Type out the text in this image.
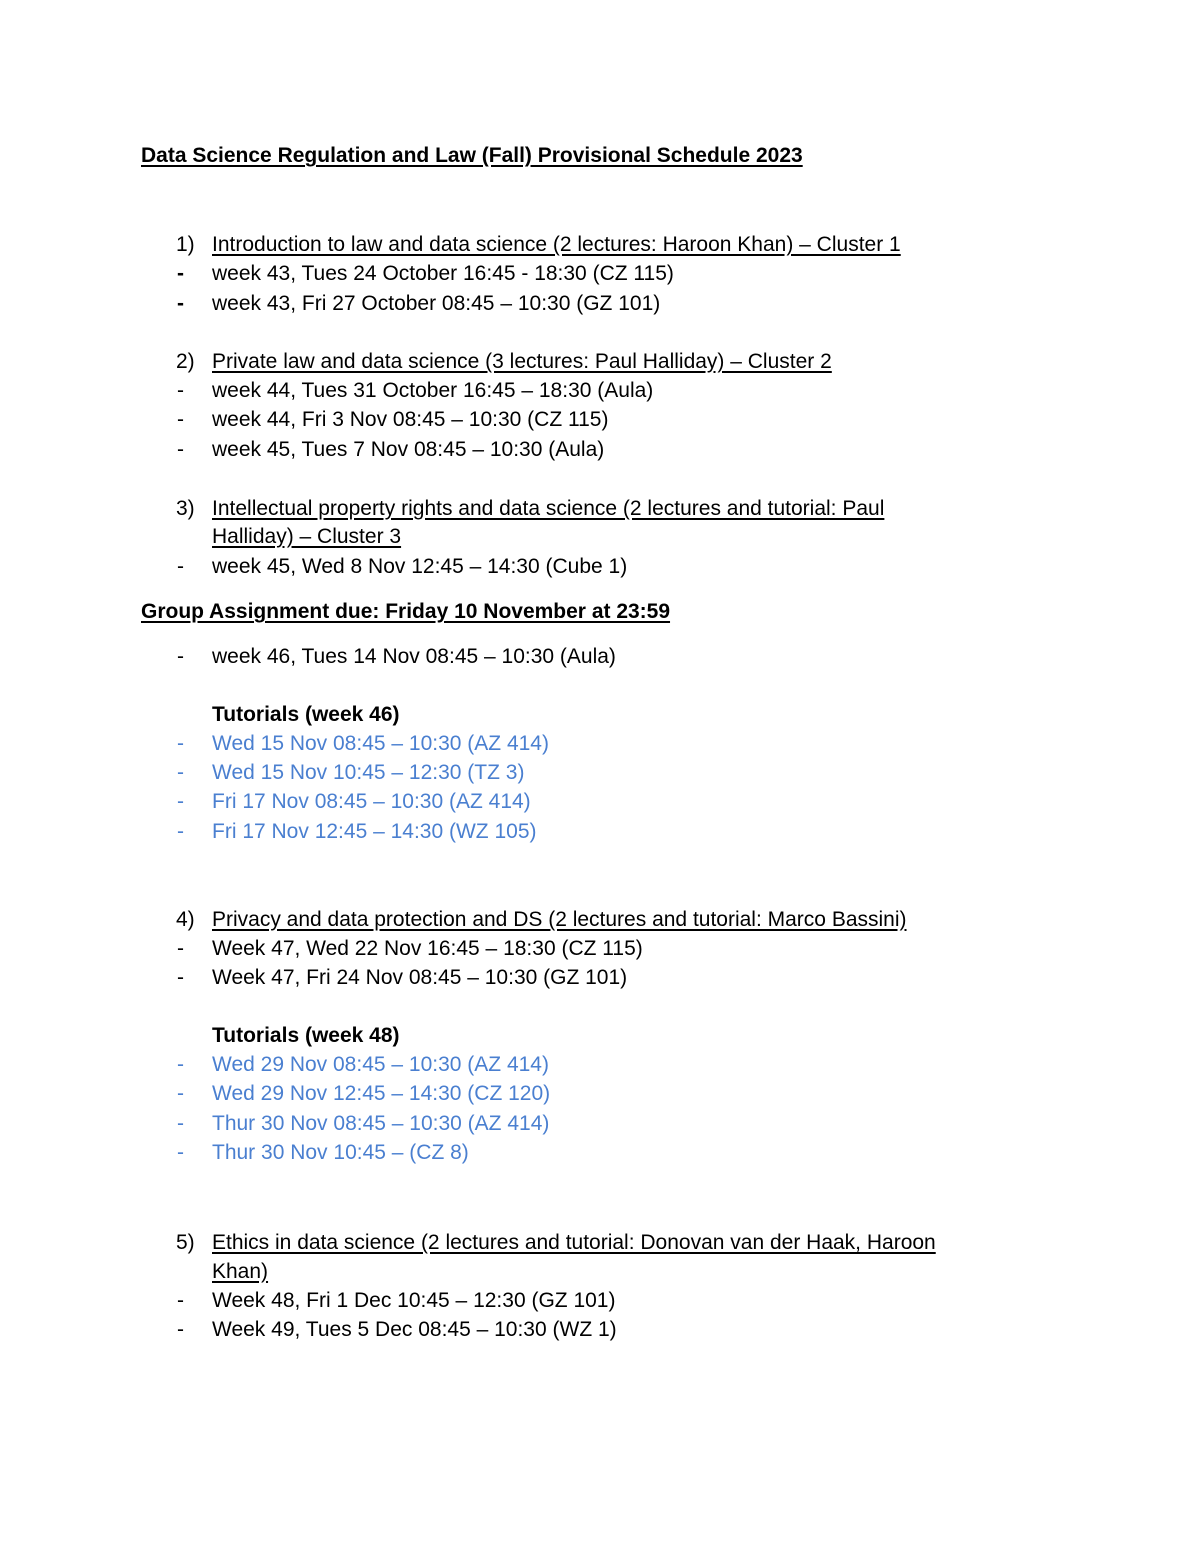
Data Science Regulation and Law (Fall) Provisional Schedule 2023
1) Introduction to law and data science (2 lectures: Haroon Khan) – Cluster 1
- week 43, Tues 24 October 16:45 - 18:30 (CZ 115)
- week 43, Fri 27 October 08:45 – 10:30 (GZ 101)
2) Private law and data science (3 lectures: Paul Halliday) – Cluster 2
- week 44, Tues 31 October 16:45 – 18:30 (Aula)
- week 44, Fri 3 Nov 08:45 – 10:30 (CZ 115)
- week 45, Tues 7 Nov 08:45 – 10:30 (Aula)
3) Intellectual property rights and data science (2 lectures and tutorial: Paul
Halliday) – Cluster 3
- week 45, Wed 8 Nov 12:45 – 14:30 (Cube 1)
Group Assignment due: Friday 10 November at 23:59
- week 46, Tues 14 Nov 08:45 – 10:30 (Aula)
Tutorials (week 46)
- Wed 15 Nov 08:45 – 10:30 (AZ 414)
- Wed 15 Nov 10:45 – 12:30 (TZ 3)
- Fri 17 Nov 08:45 – 10:30 (AZ 414)
- Fri 17 Nov 12:45 – 14:30 (WZ 105)
4) Privacy and data protection and DS (2 lectures and tutorial: Marco Bassini)
- Week 47, Wed 22 Nov 16:45 – 18:30 (CZ 115)
- Week 47, Fri 24 Nov 08:45 – 10:30 (GZ 101)
Tutorials (week 48)
- Wed 29 Nov 08:45 – 10:30 (AZ 414)
- Wed 29 Nov 12:45 – 14:30 (CZ 120)
- Thur 30 Nov 08:45 – 10:30 (AZ 414)
- Thur 30 Nov 10:45 – (CZ 8)
5) Ethics in data science (2 lectures and tutorial: Donovan van der Haak, Haroon
Khan)
- Week 48, Fri 1 Dec 10:45 – 12:30 (GZ 101)
- Week 49, Tues 5 Dec 08:45 – 10:30 (WZ 1)
